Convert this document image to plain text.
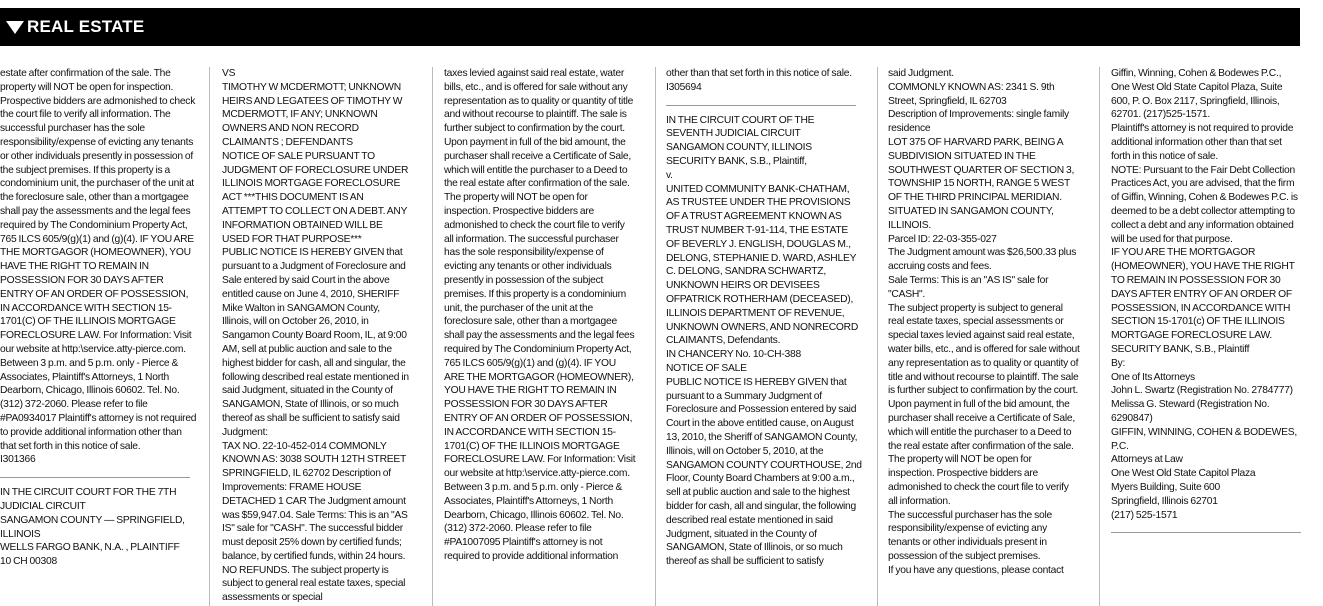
REAL ESTATE

estate after confirmation of the sale. The property will NOT be open for inspection. Prospective bidders are admonished to check the court file to verify all information. The successful purchaser has the sole responsibility/expense of evicting any tenants or other individuals presently in possession of the subject premises. If this property is a condominium unit, the purchaser of the unit at the foreclosure sale, other than a mortgagee shall pay the assessments and the legal fees required by The Condominium Property Act, 765 ILCS 605/9(g)(1) and (g)(4). IF YOU ARE THE MORTGAGOR (HOMEOWNER), YOU HAVE THE RIGHT TO REMAIN IN POSSESSION FOR 30 DAYS AFTER ENTRY OF AN ORDER OF POSSESSION, IN ACCORDANCE WITH SECTION 15-1701(C) OF THE ILLINOIS MORTGAGE FORECLOSURE LAW. For Information: Visit our website at http:\service.atty-pierce.com. Between 3 p.m. and 5 p.m. only - Pierce & Associates, Plaintiff's Attorneys, 1 North Dearborn, Chicago, Illinois 60602. Tel. No. (312) 372-2060. Please refer to file #PA0934017 Plaintiff's attorney is not required to provide additional information other than that set forth in this notice of sale.
I301366

IN THE CIRCUIT COURT FOR THE 7TH JUDICIAL CIRCUIT
SANGAMON COUNTY — SPRINGFIELD, ILLINOIS
WELLS FARGO BANK, N.A. , PLAINTIFF
10 CH 00308

VS
TIMOTHY W MCDERMOTT; UNKNOWN HEIRS AND LEGATEES OF TIMOTHY W MCDERMOTT, IF ANY; UNKNOWN OWNERS AND NON RECORD CLAIMANTS ; DEFENDANTS
NOTICE OF SALE PURSUANT TO JUDGMENT OF FORECLOSURE UNDER ILLINOIS MORTGAGE FORECLOSURE ACT ***THIS DOCUMENT IS AN ATTEMPT TO COLLECT ON A DEBT. ANY INFORMATION OBTAINED WILL BE USED FOR THAT PURPOSE***
PUBLIC NOTICE IS HEREBY GIVEN that pursuant to a Judgment of Foreclosure and Sale entered by said Court in the above entitled cause on June 4, 2010, SHERIFF Mike Walton in SANGAMON County, Illinois, will on October 26, 2010, in Sangamon County Board Room, IL, at 9:00 AM, sell at public auction and sale to the highest bidder for cash, all and singular, the following described real estate mentioned in said Judgment, situated in the County of SANGAMON, State of Illinois, or so much thereof as shall be sufficient to satisfy said Judgment:
TAX NO. 22-10-452-014 COMMONLY KNOWN AS: 3038 SOUTH 12TH STREET SPRINGFIELD, IL 62702 Description of Improvements: FRAME HOUSE DETACHED 1 CAR The Judgment amount was $59,947.04. Sale Terms: This is an "AS IS" sale for "CASH". The successful bidder must deposit 25% down by certified funds; balance, by certified funds, within 24 hours. NO REFUNDS. The subject property is subject to general real estate taxes, special assessments or special

taxes levied against said real estate, water bills, etc., and is offered for sale without any representation as to quality or quantity of title and without recourse to plaintiff. The sale is further subject to confirmation by the court. Upon payment in full of the bid amount, the purchaser shall receive a Certificate of Sale, which will entitle the purchaser to a Deed to the real estate after confirmation of the sale. The property will NOT be open for inspection. Prospective bidders are admonished to check the court file to verify all information. The successful purchaser has the sole responsibility/expense of evicting any tenants or other individuals presently in possession of the subject premises. If this property is a condominium unit, the purchaser of the unit at the foreclosure sale, other than a mortgagee shall pay the assessments and the legal fees required by The Condominium Property Act, 765 ILCS 605/9(g)(1) and (g)(4). IF YOU ARE THE MORTGAGOR (HOMEOWNER), YOU HAVE THE RIGHT TO REMAIN IN POSSESSION FOR 30 DAYS AFTER ENTRY OF AN ORDER OF POSSESSION, IN ACCORDANCE WITH SECTION 15-1701(C) OF THE ILLINOIS MORTGAGE FORECLOSURE LAW. For Information: Visit our website at http:\service.atty-pierce.com. Between 3 p.m. and 5 p.m. only - Pierce & Associates, Plaintiff's Attorneys, 1 North Dearborn, Chicago, Illinois 60602. Tel. No. (312) 372-2060. Please refer to file #PA1007095 Plaintiff's attorney is not required to provide additional information

other than that set forth in this notice of sale.
I305694

IN THE CIRCUIT COURT OF THE SEVENTH JUDICIAL CIRCUIT
SANGAMON COUNTY, ILLINOIS
SECURITY BANK, S.B., Plaintiff,
v.
UNITED COMMUNITY BANK-CHATHAM, AS TRUSTEE UNDER THE PROVISIONS OF A TRUST AGREEMENT KNOWN AS TRUST NUMBER T-91-114, THE ESTATE OF BEVERLY J. ENGLISH, DOUGLAS M., DELONG, STEPHANIE D. WARD, ASHLEY C. DELONG, SANDRA SCHWARTZ, UNKNOWN HEIRS OR DEVISEES OFPATRICK ROTHERHAM (DECEASED), ILLINOIS DEPARTMENT OF REVENUE, UNKNOWN OWNERS, AND NONRECORD CLAIMANTS, Defendants.
IN CHANCERY No. 10-CH-388
NOTICE OF SALE
PUBLIC NOTICE IS HEREBY GIVEN that pursuant to a Summary Judgment of Foreclosure and Possession entered by said Court in the above entitled cause, on August 13, 2010, the Sheriff of SANGAMON County, Illinois, will on October 5, 2010, at the SANGAMON COUNTY COURTHOUSE, 2nd Floor, County Board Chambers at 9:00 a.m., sell at public auction and sale to the highest bidder for cash, all and singular, the following described real estate mentioned in said Judgment, situated in the County of SANGAMON, State of Illinois, or so much thereof as shall be sufficient to satisfy

said Judgment.
COMMONLY KNOWN AS: 2341 S. 9th Street, Springfield, IL 62703
Description of Improvements: single family residence
LOT 375 OF HARVARD PARK, BEING A SUBDIVISION SITUATED IN THE SOUTHWEST QUARTER OF SECTION 3, TOWNSHIP 15 NORTH, RANGE 5 WEST OF THE THIRD PRINCIPAL MERIDIAN. SITUATED IN SANGAMON COUNTY, ILLINOIS.
Parcel ID: 22-03-355-027
The Judgment amount was $26,500.33 plus accruing costs and fees.
Sale Terms: This is an "AS IS" sale for "CASH".
The subject property is subject to general real estate taxes, special assessments or special taxes levied against said real estate, water bills, etc., and is offered for sale without any representation as to quality or quantity of title and without recourse to plaintiff. The sale is further subject to confirmation by the court.
Upon payment in full of the bid amount, the purchaser shall receive a Certificate of Sale, which will entitle the purchaser to a Deed to the real estate after confirmation of the sale.
The property will NOT be open for inspection. Prospective bidders are admonished to check the court file to verify all information.
The successful purchaser has the sole responsibility/expense of evicting any tenants or other individuals present in possession of the subject premises.
If you have any questions, please contact

Giffin, Winning, Cohen & Bodewes P.C., One West Old State Capitol Plaza, Suite 600, P. O. Box 2117, Springfield, Illinois, 62701. (217)525-1571.
Plaintiff's attorney is not required to provide additional information other than that set forth in this notice of sale.
NOTE: Pursuant to the Fair Debt Collection Practices Act, you are advised, that the firm of Giffin, Winning, Cohen & Bodewes P.C. is deemed to be a debt collector attempting to collect a debt and any information obtained will be used for that purpose.
IF YOU ARE THE MORTGAGOR (HOMEOWNER), YOU HAVE THE RIGHT TO REMAIN IN POSSESSION FOR 30 DAYS AFTER ENTRY OF AN ORDER OF POSSESSION, IN ACCORDANCE WITH SECTION 15-1701(c) OF THE ILLINOIS MORTGAGE FORECLOSURE LAW.
SECURITY BANK, S.B., Plaintiff
By:
One of Its Attorneys
John L. Swartz (Registration No. 2784777)
Melissa G. Steward (Registration No. 6290847)
GIFFIN, WINNING, COHEN & BODEWES, P.C.
Attorneys at Law
One West Old State Capitol Plaza
Myers Building, Suite 600
Springfield, Illinois 62701
(217) 525-1571
